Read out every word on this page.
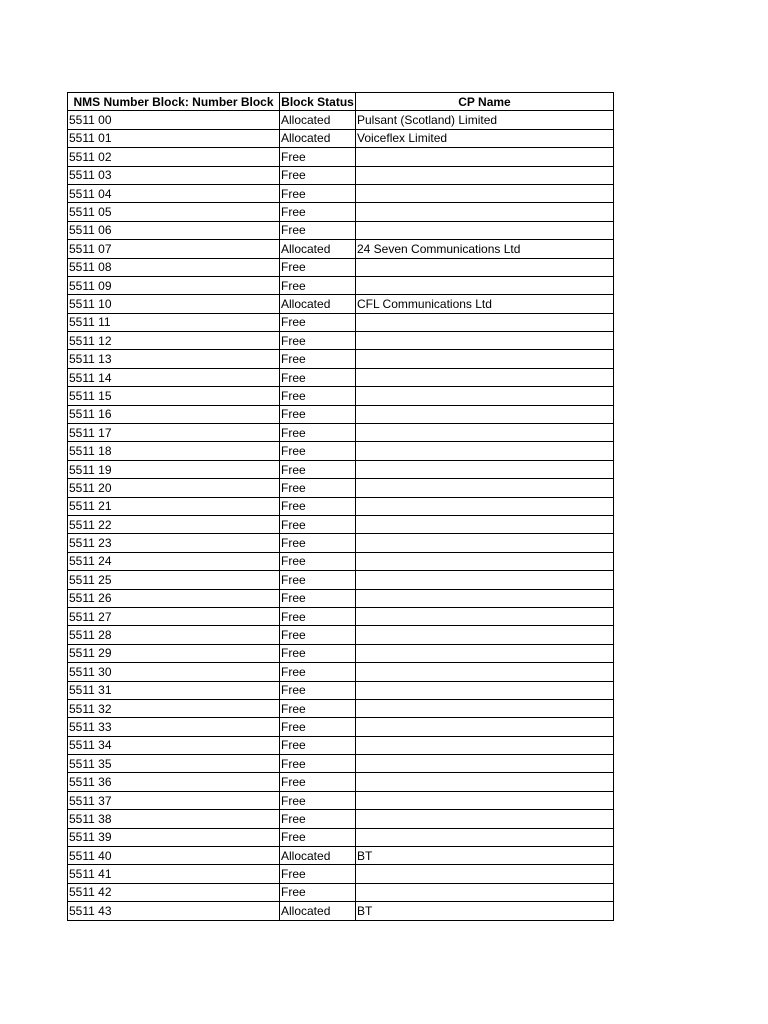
NMS Number Block: Number Block	Block Status	CP Name
5511 00	Allocated	Pulsant (Scotland) Limited
5511 01	Allocated	Voiceflex Limited
5511 02	Free	
5511 03	Free	
5511 04	Free	
5511 05	Free	
5511 06	Free	
5511 07	Allocated	24 Seven Communications Ltd
5511 08	Free	
5511 09	Free	
5511 10	Allocated	CFL Communications Ltd
5511 11	Free	
5511 12	Free	
5511 13	Free	
5511 14	Free	
5511 15	Free	
5511 16	Free	
5511 17	Free	
5511 18	Free	
5511 19	Free	
5511 20	Free	
5511 21	Free	
5511 22	Free	
5511 23	Free	
5511 24	Free	
5511 25	Free	
5511 26	Free	
5511 27	Free	
5511 28	Free	
5511 29	Free	
5511 30	Free	
5511 31	Free	
5511 32	Free	
5511 33	Free	
5511 34	Free	
5511 35	Free	
5511 36	Free	
5511 37	Free	
5511 38	Free	
5511 39	Free	
5511 40	Allocated	BT
5511 41	Free	
5511 42	Free	
5511 43	Allocated	BT
